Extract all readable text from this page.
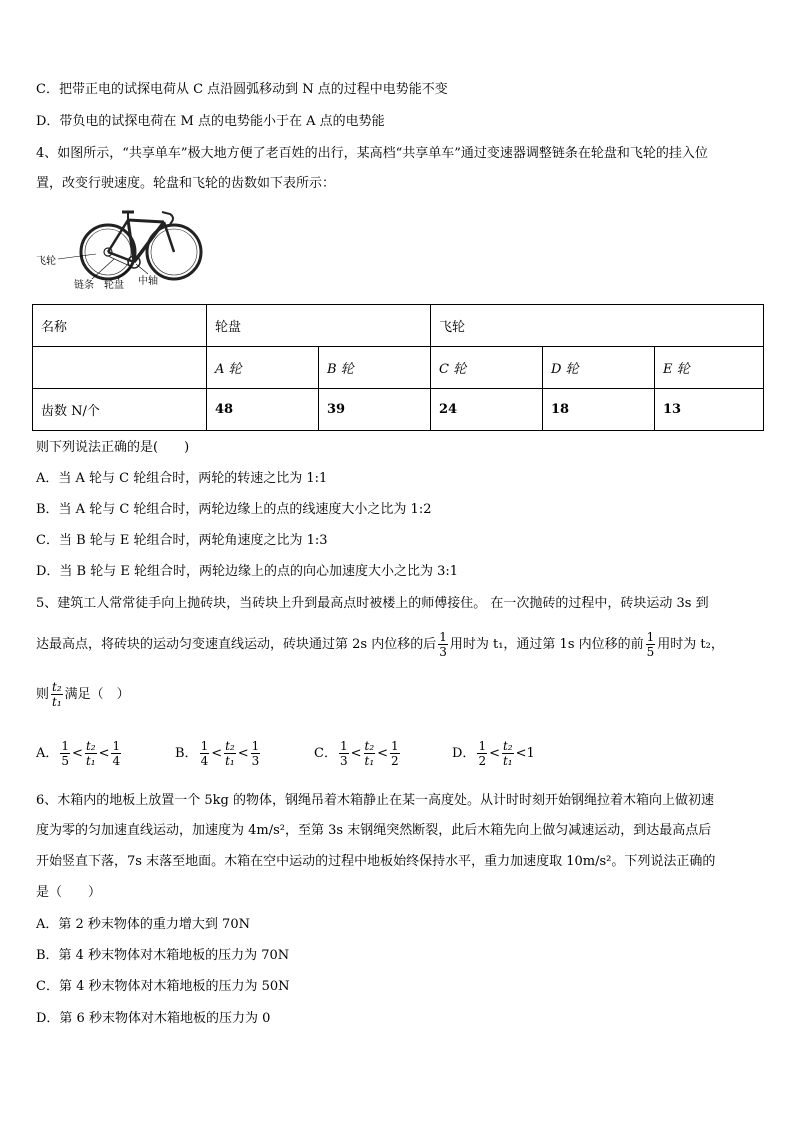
C．把带正电的试探电荷从 C 点沿圆弧移动到 N 点的过程中电势能不变
D．带负电的试探电荷在 M 点的电势能小于在 A 点的电势能
4、如图所示，“共享单车”极大地方便了老百姓的出行，某高档“共享单车”通过变速器调整链条在轮盘和飞轮的挂入位
置，改变行驶速度。轮盘和飞轮的齿数如下表所示：
飞轮
链条 轮盘 中轴
名称	轮盘		飞轮		
	A 轮	B 轮	C 轮	D 轮	E 轮
齿数 N/个	48	39	24	18	13
则下列说法正确的是(　　)
A．当 A 轮与 C 轮组合时，两轮的转速之比为 1:1
B．当 A 轮与 C 轮组合时，两轮边缘上的点的线速度大小之比为 1:2
C．当 B 轮与 E 轮组合时，两轮角速度之比为 1:3
D．当 B 轮与 E 轮组合时，两轮边缘上的点的向心加速度大小之比为 3:1
5、建筑工人常常徒手向上抛砖块，当砖块上升到最高点时被楼上的师傅接住。 在一次抛砖的过程中，砖块运动 3s 到
达最高点，将砖块的运动匀变速直线运动，砖块通过第 2s 内位移的后 $\frac{1}{3}$ 用时为 t₁，通过第 1s 内位移的前 $\frac{1}{5}$ 用时为 t₂，
则 $\frac{\text{t₂}}{\text{t₁}}$ 满足（　）
A． $\frac{1}{5} < \frac{\text{t₂}}{\text{t₁}} < \frac{1}{4}$	B． $\frac{1}{4} < \frac{\text{t₂}}{\text{t₁}} < \frac{1}{3}$	C． $\frac{1}{3} < \frac{\text{t₂}}{\text{t₁}} < \frac{1}{2}$	D． $\frac{1}{2} < \frac{\text{t₂}}{\text{t₁}} <1$
6、木箱内的地板上放置一个 5kg 的物体，钢绳吊着木箱静止在某一高度处。从计时时刻开始钢绳拉着木箱向上做初速
度为零的匀加速直线运动，加速度为 4m/s²，至第 3s 末钢绳突然断裂，此后木箱先向上做匀减速运动，到达最高点后
开始竖直下落，7s 末落至地面。木箱在空中运动的过程中地板始终保持水平，重力加速度取 10m/s²。下列说法正确的
是（　　）
A．第 2 秒末物体的重力增大到 70N
B．第 4 秒末物体对木箱地板的压力为 70N
C．第 4 秒末物体对木箱地板的压力为 50N
D．第 6 秒末物体对木箱地板的压力为 0
